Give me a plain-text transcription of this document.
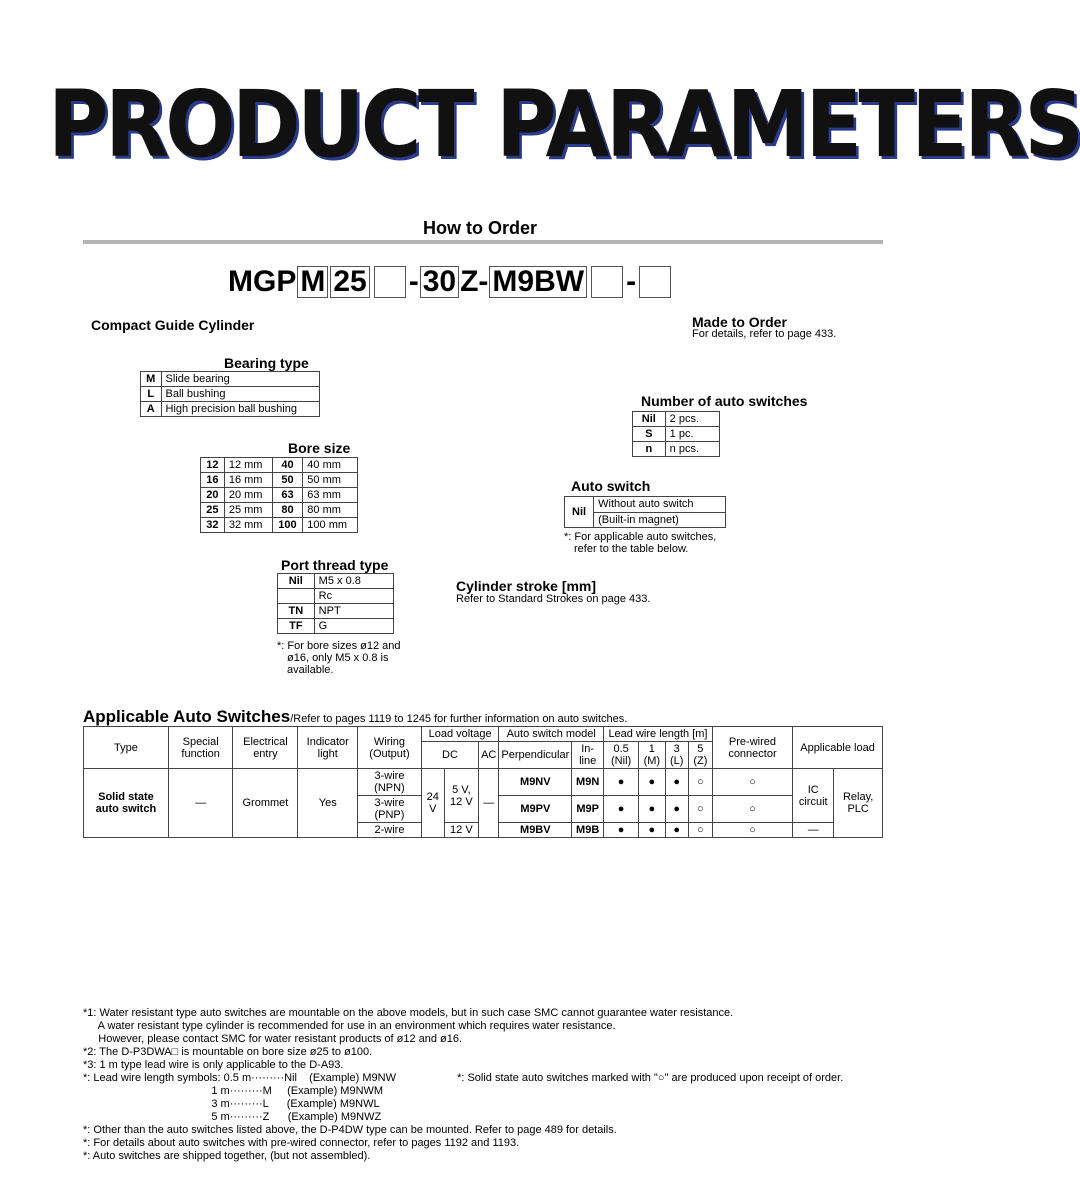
PRODUCT PARAMETERS
How to Order
MGP M 25 - 30 Z - M9BW -
Compact Guide Cylinder
Bearing type
M	Slide bearing
L	Ball bushing
A	High precision ball bushing
Bore size
12	12 mm	40	40 mm
16	16 mm	50	50 mm
20	20 mm	63	63 mm
25	25 mm	80	80 mm
32	32 mm	100	100 mm
Port thread type
Nil	M5 x 0.8
	Rc
TN	NPT
TF	G
*: For bore sizes ø12 and
ø16, only M5 x 0.8 is
available.
Cylinder stroke [mm]
Refer to Standard Strokes on page 433.
Auto switch
Nil	Without auto switch
(Built-in magnet)
*: For applicable auto switches,
refer to the table below.
Number of auto switches
Nil	2 pcs.
S	1 pc.
n	n pcs.
Made to Order
For details, refer to page 433.
Applicable Auto Switches/Refer to pages 1119 to 1245 for further information on auto switches.
Type	Special function	Electrical entry	Indicator light	Wiring (Output)	Load voltage			Auto switch model		Lead wire length [m]				Pre-wired connector	Applicable load	
					DC		AC	Perpendicular	In-line	0.5 (Nil)	1 (M)	3 (L)	5 (Z)			
Solid state auto switch	—	Grommet	Yes	3-wire (NPN)	24 V	5 V, 12 V	—	M9NV	M9N	●	●	●	○	○	IC circuit	Relay, PLC
				3-wire (PNP)				M9PV	M9P	●	●	●	○	○		
				2-wire		12 V		M9BV	M9B	●	●	●	○	○	—	
*1: Water resistant type auto switches are mountable on the above models, but in such case SMC cannot guarantee water resistance.
A water resistant type cylinder is recommended for use in an environment which requires water resistance.
However, please contact SMC for water resistant products of ø12 and ø16.
*2: The D-P3DWA□ is mountable on bore size ø25 to ø100.
*3: 1 m type lead wire is only applicable to the D-A93.
*: Lead wire length symbols: 0.5 m·········Nil    (Example) M9NW                    *: Solid state auto switches marked with "○" are produced upon receipt of order.
1 m·········M     (Example) M9NWM
3 m·········L      (Example) M9NWL
5 m·········Z      (Example) M9NWZ
*: Other than the auto switches listed above, the D-P4DW type can be mounted. Refer to page 489 for details.
*: For details about auto switches with pre-wired connector, refer to pages 1192 and 1193.
*: Auto switches are shipped together, (but not assembled).
